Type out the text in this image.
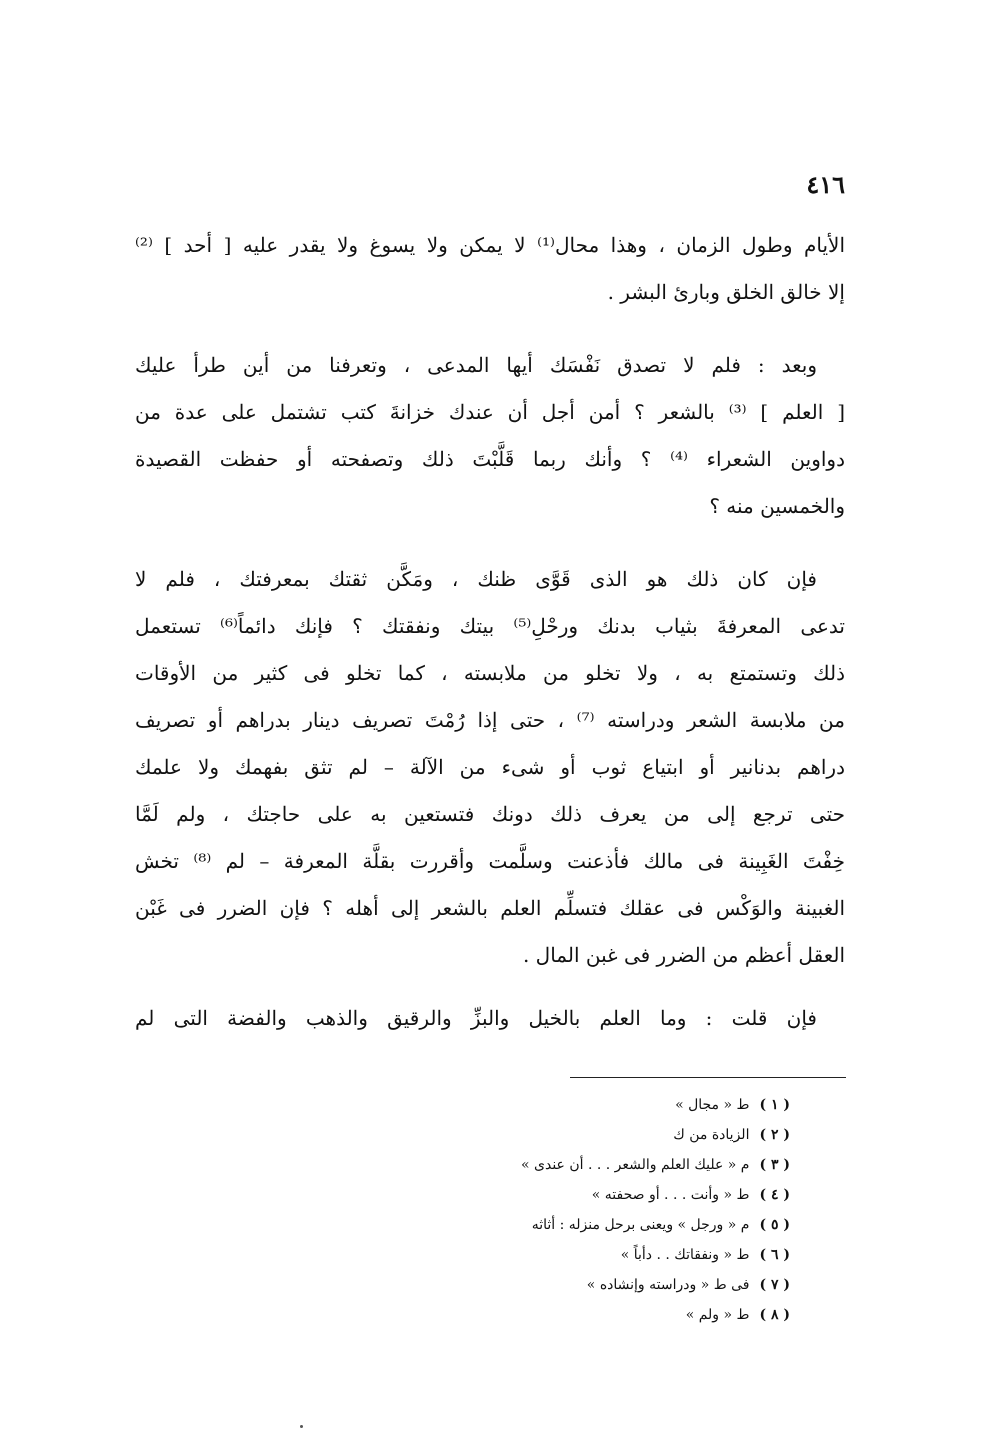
٤١٦
الأيام وطول الزمان ، وهذا محال⁽¹⁾ لا يمكن ولا يسوغ ولا يقدر عليه [ أحد ] ⁽²⁾
إلا خالق الخلق وبارئ البشر .
وبعد : فلم لا تصدق نَفْسَك أيها المدعى ، وتعرفنا من أين طرأ عليك
[ العلم ] ⁽³⁾ بالشعر ؟ أمن أجل أن عندك خزانةَ كتب تشتمل على عدة من
دواوين الشعراء ⁽⁴⁾ ؟ وأنك ربما قَلَّبْتَ ذلك وتصفحته أو حفظت القصيدة
والخمسين منه ؟
فإن كان ذلك هو الذى قَوَّى ظنك ، ومَكَّن ثقتك بمعرفتك ، فلم لا
تدعى المعرفةَ بثياب بدنك ورحْلِ⁽⁵⁾ بيتك ونفقتك ؟ فإنك دائماً⁽⁶⁾ تستعمل
ذلك وتستمتع به ، ولا تخلو من ملابسته ، كما تخلو فى كثير من الأوقات
من ملابسة الشعر ودراسته ⁽⁷⁾ ، حتى إذا رُمْتَ تصريف دينار بدراهم أو تصريف
دراهم بدنانير أو ابتياع ثوب أو شىء من الآلة – لم تثق بفهمك ولا علمك
حتى ترجع إلى من يعرف ذلك دونك فتستعين به على حاجتك ، ولم لَمَّا
خِفْتَ الغَبِينة فى مالك فأذعنت وسلَّمت وأقررت بقلَّة المعرفة – لم ⁽⁸⁾ تخش
الغبينة والوَكْس فى عقلك فتسلِّم العلم بالشعر إلى أهله ؟ فإن الضرر فى غَبْن
العقل أعظم من الضرر فى غبن المال .
فإن قلت : وما العلم بالخيل والبزِّ والرقيق والذهب والفضة التى لم
( ١ )ط « مجال »
( ٢ )الزيادة من ك
( ٣ )م « عليك العلم والشعر . . . أن عندى »
( ٤ )ط « وأنت . . . أو صحفته »
( ٥ )م « ورجل » ويعنى برحل منزله : أثاثه
( ٦ )ط « ونفقاتك . . دأباً »
( ٧ )فى ط « ودراسته وإنشاده »
( ٨ )ط « ولم »
